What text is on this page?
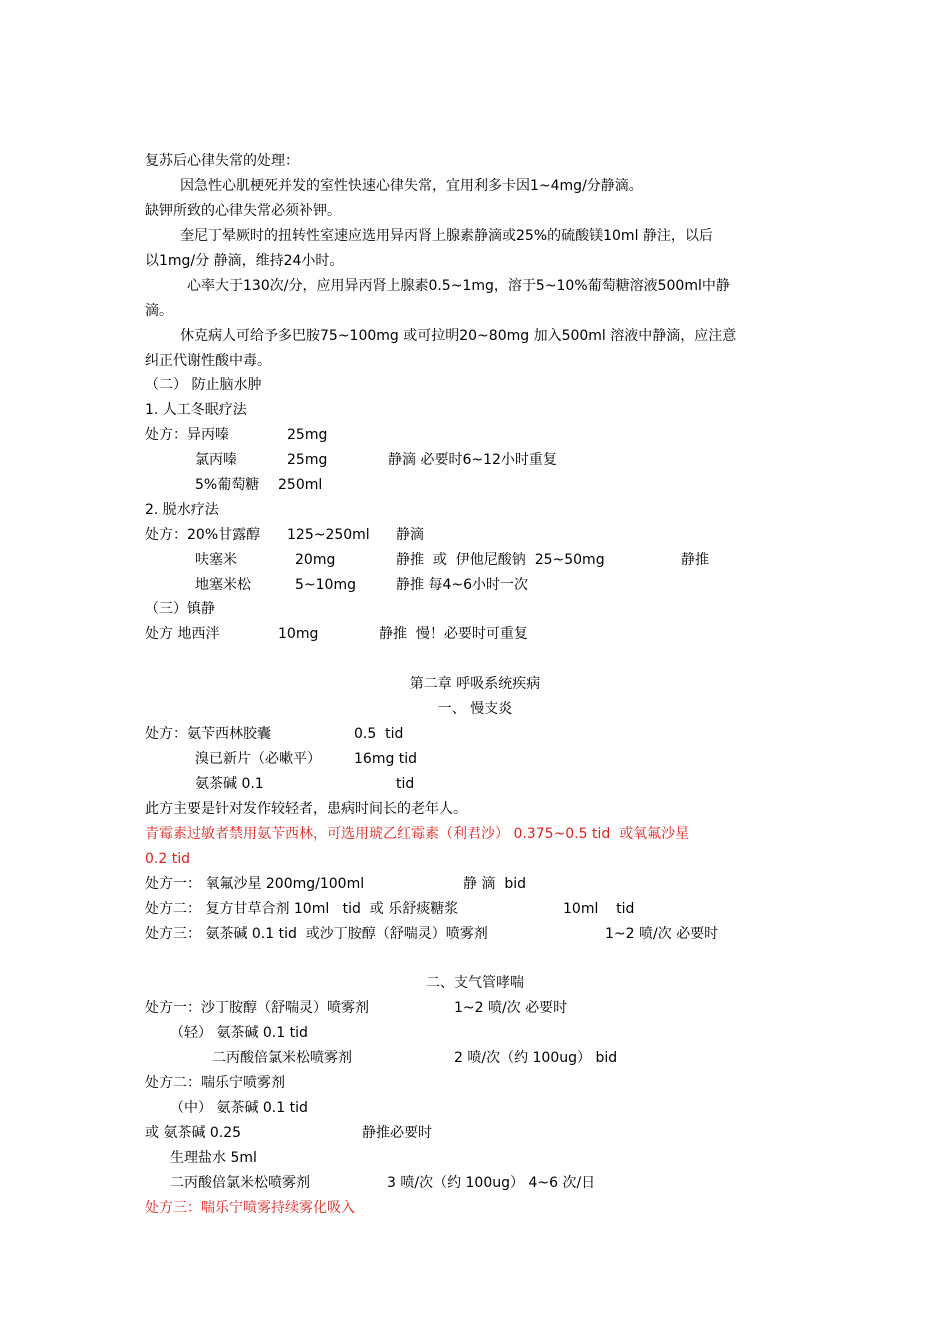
复苏后心律失常的处理：
因急性心肌梗死并发的室性快速心律失常，宜用利多卡因1~4mg/分静滴。
缺钾所致的心律失常必须补钾。
奎尼丁晕厥时的扭转性室速应选用异丙肾上腺素静滴或25%的硫酸镁10ml 静注，以后
以1mg/分 静滴，维持24小时。
心率大于130次/分，应用异丙肾上腺素0.5~1mg，溶于5~10%葡萄糖溶液500ml中静
滴。
休克病人可给予多巴胺75~100mg 或可拉明20~80mg 加入500ml 溶液中静滴，应注意
纠正代谢性酸中毒。
（二） 防止脑水肿
1. 人工冬眠疗法
处方：异丙嗪	25mg
氯丙嗪	25mg	静滴 必要时6~12小时重复
5%葡萄糖 250ml
2. 脱水疗法
处方：20%甘露醇 125~250ml 静滴
呋塞米	20mg	静推  或  伊他尼酸钠  25~50mg	静推
地塞米松	5~10mg	静推 每4~6小时一次
（三）镇静
处方 地西泮	10mg	静推  慢！必要时可重复
第二章 呼吸系统疾病
一、 慢支炎
处方：氨苄西林胶囊	0.5  tid
溴已新片（必嗽平） 16mg tid
氨茶碱 0.1	tid
此方主要是针对发作较轻者，患病时间长的老年人。
青霉素过敏者禁用氨苄西林，可选用琥乙红霉素（利君沙） 0.375~0.5 tid  或氧氟沙星
0.2 tid
处方一： 氧氟沙星 200mg/100ml	静 滴  bid
处方二： 复方甘草合剂 10ml   tid  或 乐舒痰糖浆	10ml    tid
处方三： 氨茶碱 0.1 tid  或沙丁胺醇（舒喘灵）喷雾剂	1~2 喷/次 必要时
二、支气管哮喘
处方一：沙丁胺醇（舒喘灵）喷雾剂	1~2 喷/次 必要时
（轻） 氨茶碱 0.1 tid
二丙酸倍氯米松喷雾剂	2 喷/次（约 100ug） bid
处方二：喘乐宁喷雾剂
（中） 氨茶碱 0.1 tid
或 氨茶碱 0.25	静推必要时
生理盐水 5ml
二丙酸倍氯米松喷雾剂	3 喷/次（约 100ug） 4~6 次/日
处方三：喘乐宁喷雾持续雾化吸入
